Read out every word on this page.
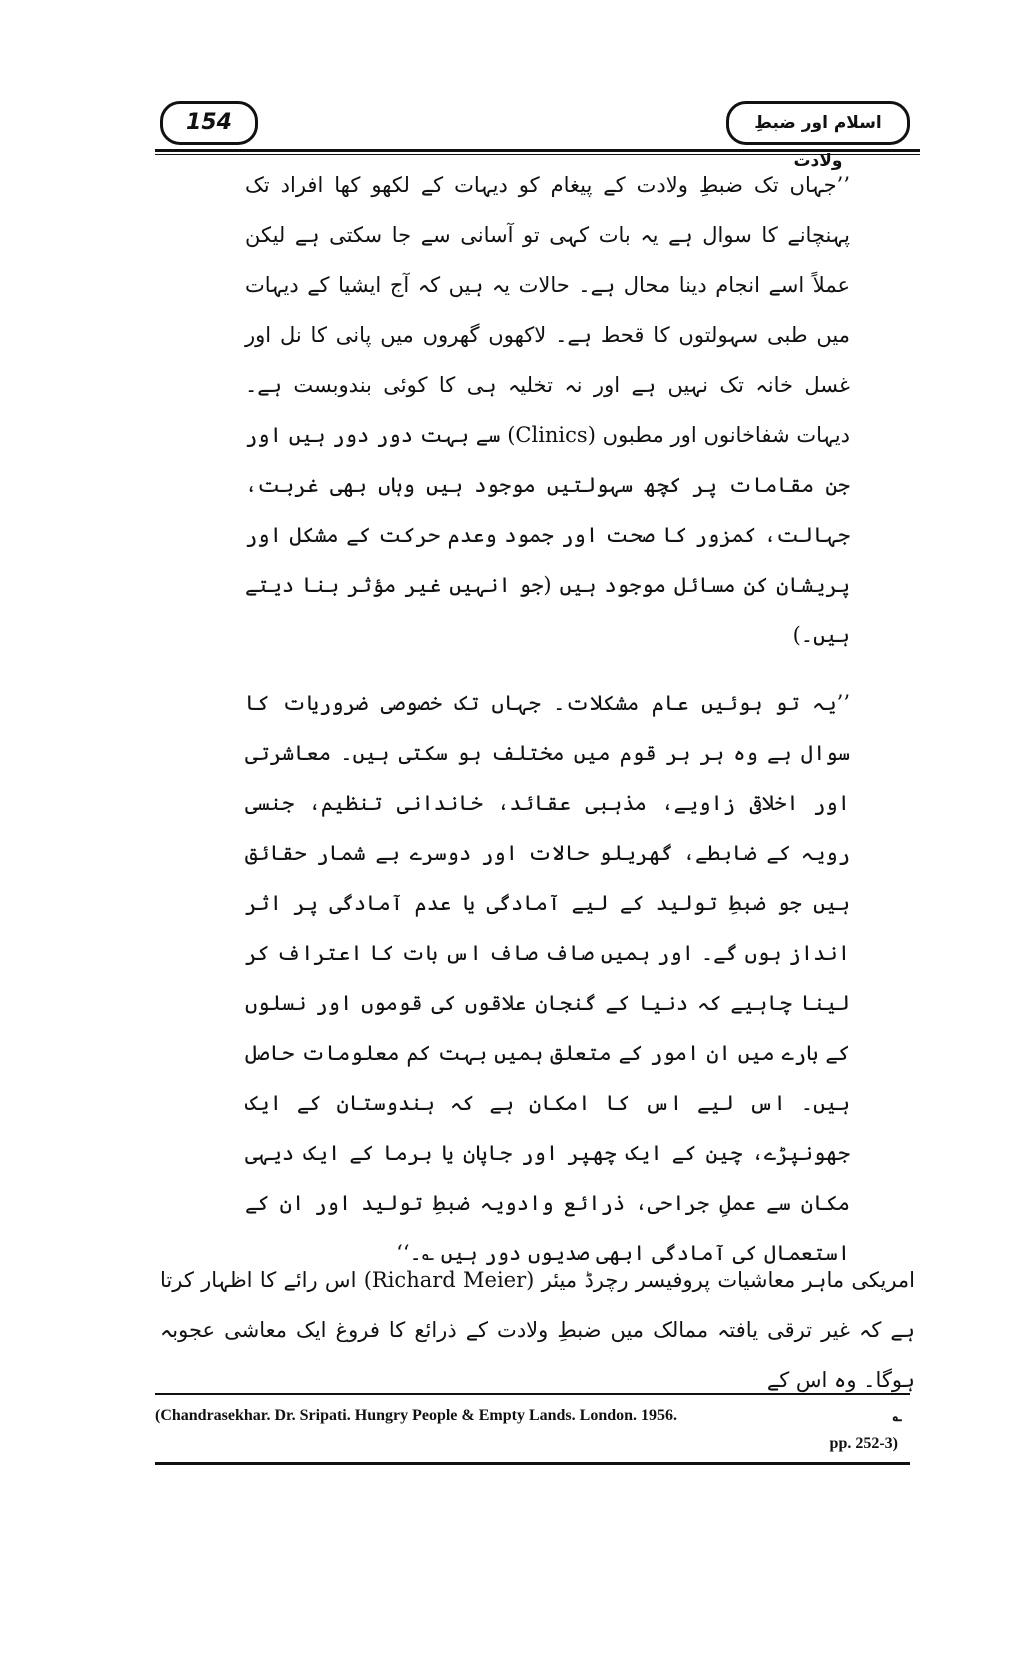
154	اسلام اور ضبطِ ولادت
’’جہاں تک ضبطِ ولادت کے پیغام کو دیہات کے لکھو کھا افراد تک پہنچانے کا سوال ہے یہ بات کہی تو آسانی سے جا سکتی ہے لیکن عملاً اسے انجام دینا محال ہے۔ حالات یہ ہیں کہ آج ایشیا کے دیہات میں طبی سہولتوں کا قحط ہے۔ لاکھوں گھروں میں پانی کا نل اور غسل خانہ تک نہیں ہے اور نہ تخلیہ ہی کا کوئی بندوبست ہے۔ دیہات شفاخانوں اور مطبوں (Clinics) سے بہت دور دور ہیں اور جن مقامات پر کچھ سہولتیں موجود ہیں وہاں بھی غربت، جہالت، کمزور کا صحت اور جمود وعدم حرکت کے مشکل اور پریشان کن مسائل موجود ہیں (جو انہیں غیر مؤثر بنا دیتے ہیں۔)
’’یہ تو ہوئیں عام مشکلات۔ جہاں تک خصوصی ضروریات کا سوال ہے وہ ہر ہر قوم میں مختلف ہو سکتی ہیں۔ معاشرتی اور اخلاقی زاویے، مذہبی عقائد، خاندانی تنظیم، جنسی رویہ کے ضابطے، گھریلو حالات اور دوسرے بے شمار حقائق ہیں جو ضبطِ تولید کے لیے آمادگی یا عدم آمادگی پر اثر انداز ہوں گے۔ اور ہمیں صاف صاف اس بات کا اعتراف کر لینا چاہیے کہ دنیا کے گنجان علاقوں کی قوموں اور نسلوں کے بارے میں ان امور کے متعلق ہمیں بہت کم معلومات حاصل ہیں۔ اس لیے اس کا امکان ہے کہ ہندوستان کے ایک جھونپڑے، چین کے ایک چھپر اور جاپان یا برما کے ایک دیہی مکان سے عملِ جراحی، ذرائع وادویہ ضبطِ تولید اور ان کے استعمال کی آمادگی ابھی صدیوں دور ہیں ؎۔‘‘
امریکی ماہر معاشیات پروفیسر رچرڈ میئر (Richard Meier) اس رائے کا اظہار کرتا ہے کہ غیر ترقی یافتہ ممالک میں ضبطِ ولادت کے ذرائع کا فروغ ایک معاشی عجوبہ ہوگا۔ وہ اس کے
(Chandrasekhar. Dr. Sripati. Hungry People & Empty Lands. London. 1956.	؎
pp. 252-3)
